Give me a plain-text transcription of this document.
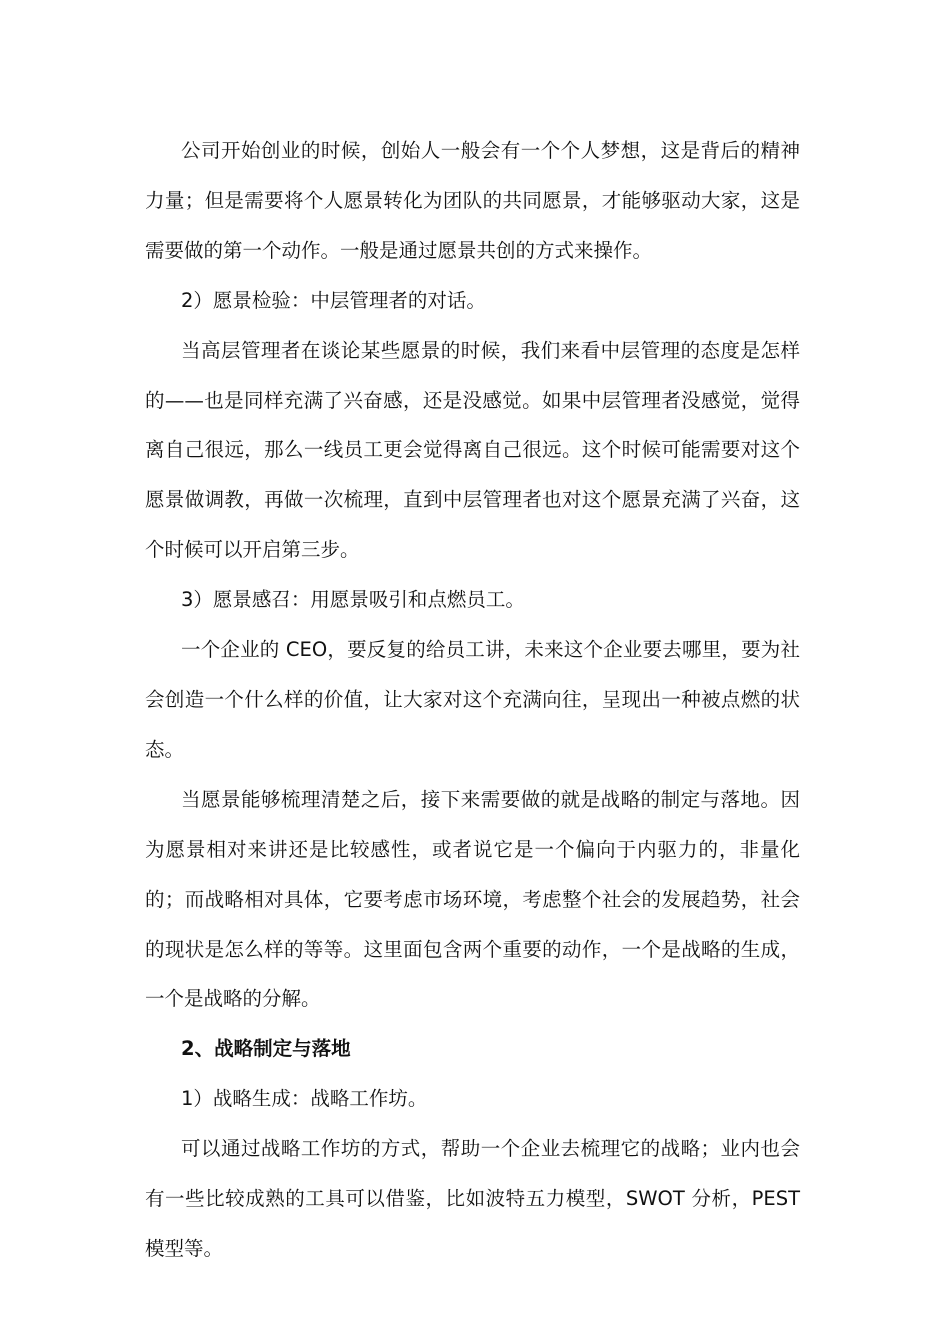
公司开始创业的时候，创始人一般会有一个个人梦想，这是背后的精神力量；但是需要将个人愿景转化为团队的共同愿景，才能够驱动大家，这是需要做的第一个动作。一般是通过愿景共创的方式来操作。

2）愿景检验：中层管理者的对话。

当高层管理者在谈论某些愿景的时候，我们来看中层管理的态度是怎样的——也是同样充满了兴奋感，还是没感觉。如果中层管理者没感觉，觉得离自己很远，那么一线员工更会觉得离自己很远。这个时候可能需要对这个愿景做调教，再做一次梳理，直到中层管理者也对这个愿景充满了兴奋，这个时候可以开启第三步。

3）愿景感召：用愿景吸引和点燃员工。

一个企业的 CEO，要反复的给员工讲，未来这个企业要去哪里，要为社会创造一个什么样的价值，让大家对这个充满向往，呈现出一种被点燃的状态。

当愿景能够梳理清楚之后，接下来需要做的就是战略的制定与落地。因为愿景相对来讲还是比较感性，或者说它是一个偏向于内驱力的，非量化的；而战略相对具体，它要考虑市场环境，考虑整个社会的发展趋势，社会的现状是怎么样的等等。这里面包含两个重要的动作，一个是战略的生成，一个是战略的分解。

2、战略制定与落地

1）战略生成：战略工作坊。

可以通过战略工作坊的方式，帮助一个企业去梳理它的战略；业内也会有一些比较成熟的工具可以借鉴，比如波特五力模型，SWOT 分析，PEST 模型等。
